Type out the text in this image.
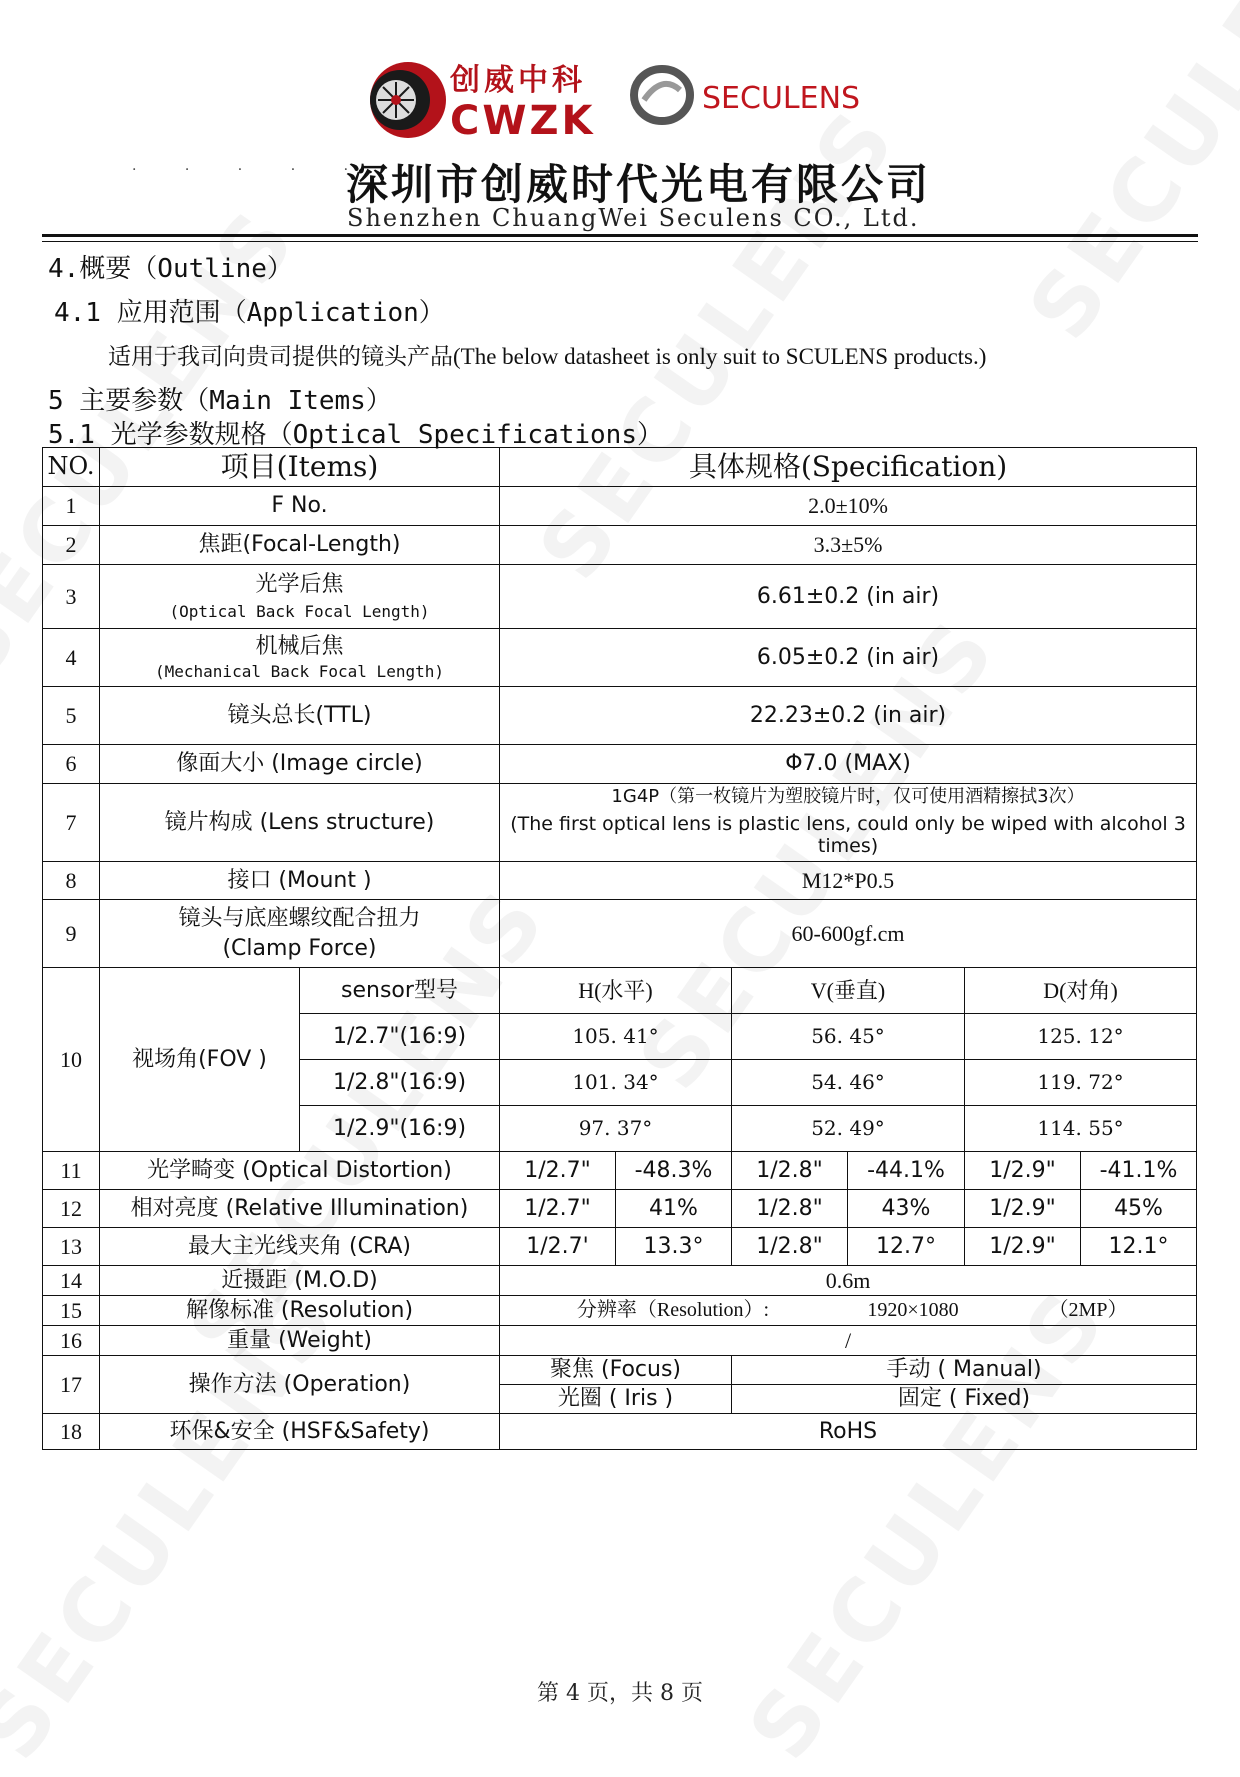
创威中科
CWZK	SECULENS
· · · · ·
深圳市创威时代光电有限公司
Shenzhen ChuangWei Seculens CO., Ltd.
4.概要（Outline）
4.1 应用范围（Application）
适用于我司向贵司提供的镜头产品(The below datasheet is only suit to SCULENS products.)
5 主要参数（Main Items）
5.1 光学参数规格（Optical Specifications）
NO.	项目(Items)		具体规格(Specification)					
1	F No.		2.0±10%					
2	焦距(Focal-Length)		3.3±5%					
3	光学后焦
(Optical Back Focal Length)		6.61±0.2 (in air)					
4	机械后焦
(Mechanical Back Focal Length)		6.05±0.2 (in air)					
5	镜头总长(TTL)		22.23±0.2 (in air)					
6	像面大小 (Image circle)		Φ7.0 (MAX)					
7	镜片构成 (Lens structure)		1G4P（第一枚镜片为塑胶镜片时，仅可使用酒精擦拭3次）
(The first optical lens is plastic lens, could only be wiped with alcohol 3 times)					

8	接口 (Mount )		M12*P0.5					
9	镜头与底座螺纹配合扭力
(Clamp Force)		60-600gf.cm					
10	视场角(FOV )	sensor型号	H(水平)		V(垂直)		D(对角)	
		1/2.7"(16:9)	105. 41°		56. 45°		125. 12°	
		1/2.8"(16:9)	101. 34°		54. 46°		119. 72°	
		1/2.9"(16:9)	97. 37°		52. 49°		114. 55°	
11	光学畸变 (Optical Distortion)		1/2.7"	-48.3%	1/2.8"	-44.1%	1/2.9"	-41.1%
12	相对亮度 (Relative Illumination)		1/2.7"	41%	1/2.8"	43%	1/2.9"	45%
13	最大主光线夹角 (CRA)		1/2.7'	13.3°	1/2.8"	12.7°	1/2.9"	12.1°
14	近摄距 (M.O.D)		0.6m					
15	解像标准 (Resolution)		分辨率（Resolution）: 1920×1080 （2MP）					
16	重量 (Weight)		/					
17	操作方法 (Operation)		聚焦 (Focus)		手动 ( Manual)			
			光圈 ( Iris )		固定 ( Fixed)			
18	环保&安全 (HSF&Safety)		RoHS					
第 4 页，共 8 页
